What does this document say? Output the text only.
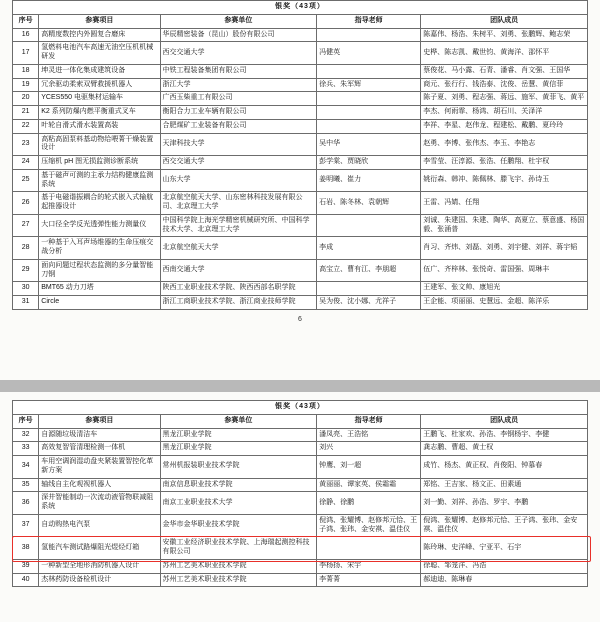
银奖（43项）				
序号	参赛项目	参赛单位	指导老师	团队成员
16	高精度数控内外圆复合磨床	华辰精密装备（昆山）股份有限公司		陈嘉伟、杨浩、朱树平、刘勇、张鹏辉、鲍志荣
17	氢燃料电池汽车高速无油空压机机械研发	西交交通大学	冯健英	史桦、陈志凯、戴世钧、黄海洋、邵怀平
18	坤灵进一体化集成建筑设备	中铁工程装备集团有限公司		蔡俊花、马小露、石青、潘睿、肖文强、王国华
19	冗余驱动柔索双臂救援机器人	浙江大学	徐兵、朱军辉	商元、张行行、钱浩泰、沈俊、岳慧、黄信菲
20	YCES550 电驱集材运输车	广西玉柴重工有限公司		陈子夏、刘勇、程志强、蒋远、施军、黄菲飞、黄平
21	K2 系列防爆内燃平衡重式叉车	衡阳合力工业车辆有限公司		李杰、何雨霏、杨鸿、胡石川、关泽洋
22	叶轮自滑式滑水装置高装	合肥煤矿工业装备有限公司		李祥、李星、赵伟龙、程建松、戴鹏、夏玲玲
23	高粘高固泵料基动物给喂菁干燥装置设计	天津科技大学	吴中华	赵勇、李博、张伟杰、李玉、李艳志
24	压缩机 pH 图无损监测诊断系统	西交交通大学	彭学棠、贾晓欣	李雪莹、汪淳源、张浩、任鹏翔、杜宇权
25	基于磁声可测的主承力结构健康监测系统	山东大学	姜明曦、崔力	姚衍森、韩冲、陈佩林、滕飞宇、孙诗玉
26	基于电磁谐振耦合的轮式嵌入式输航起推器设计	北京航空航天大学、山东密林科技发展有限公司、北京理工大学	石岩、陈冬林、袁朝辉	王雷、冯婧、任翔
27	大口径全学反光透弹性能力测量仪	中国科学院上海光学精密机械研究所、中国科学技术大学、北京理工大学		刘诚、朱建国、朱建、陶华、高夏立、蔡意盛、杨国毅、张涌普
28	一种基于入耳声场维器的生命压痕交战分析	北京航空航天大学	李成	肖习、齐炜、刘磊、刘勇、刘宇健、刘祥、蒋宇韬
29	面向问题过程状态监测的多分量智能刀钢	西南交通大学	高宝立、曹有江、李朋超	伍广、齐梓林、张悦奇、雷国强、周琳丰
30	BMT65 动力刀塔	陕西工业职业技术学院、陕西西部名职学院		王建军、张文帅、康旭光
31	Circle	浙江工商职业技术学院、浙江商业技师学院	吴为俊、沈小娜、尤祥子	王企能、项丽丽、史慧远、金超、陈洋乐
6
银奖（43项）				
序号	参赛项目	参赛单位	指导老师	团队成员
32	自源随垃圾清洁车	黑龙江职业学院	潘凤亮、王浩铭	王鹏飞、杜家欢、孙浩、李钢杨宇、李健
33	高效复智管清理检测一体机	黑龙江职业学院	刘兴	龚志鹏、曹超、黄士权
34	车用空调润湿动盘夹紧装置智控化革新方案	常州机报装职业技术学院	钟鹰、刘一超	成竹、杨杰、黄正权、肖俊阳、钟慕春
35	轴线自主化观视机器人	南京信息职业技术学院	黄丽丽、谭家英、侯霜霜	郑铭、王吉家、杨文正、田素通
36	深井智能制动一次流动液管物联减阻系统	南京工业职业技术大学	徐静、徐鹏	刘一勤、刘祥、孙浩、罗宇、李鹏
37	自动购热电汽泵	金华市金华职业技术学院	倪鸿、张耀博、赵修邦元恰、王子鸿、张玮、金安祺、温佳仪	倪鸿、张耀博、赵修邦元恰、王子鸿、张玮、金安祺、温佳仪
38	氢能汽车测试路爆阻光煜烃灯箱	安徽工业经济职业技术学院、上海瑞起测控科技有限公司		陈玲琳、史洋峰、宁亚平、石宇
39	一种新型全地形消防机器人设计	苏州工艺美术职业技术学院	李杨扬、宋宇	徐聪、邹笼洋、冯浩
40	杰林药防设备检机设计	苏州工艺美术职业技术学院	李菁菁	郝迪迪、陈琳春
